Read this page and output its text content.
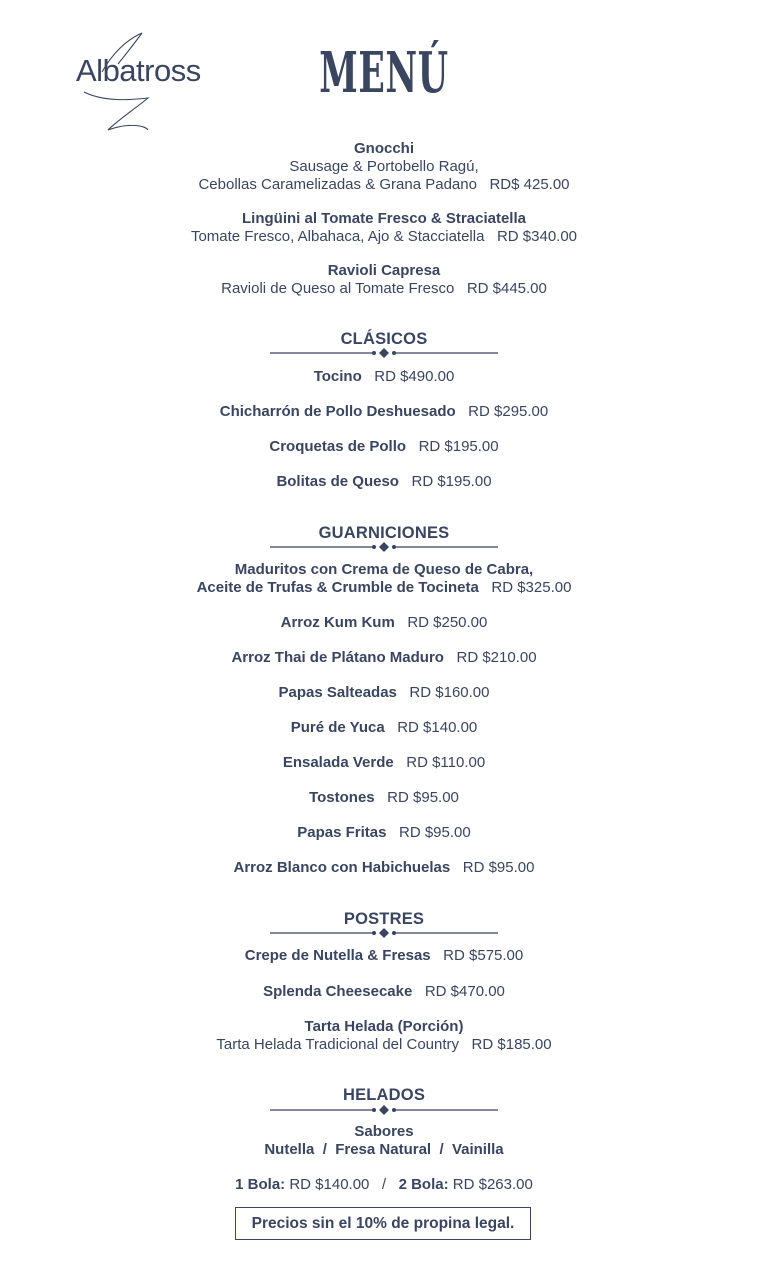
Albatross	MENÚ
Gnocchi
Sausage & Portobello Ragú,
Cebollas Caramelizadas & Grana Padano RD$ 425.00
Lingüini al Tomate Fresco & Straciatella
Tomate Fresco, Albahaca, Ajo & Stacciatella RD $340.00
Ravioli Capresa
Ravioli de Queso al Tomate Fresco RD $445.00
CLÁSICOS
Tocino RD $490.00
Chicharrón de Pollo Deshuesado RD $295.00
Croquetas de Pollo RD $195.00
Bolitas de Queso RD $195.00
GUARNICIONES
Maduritos con Crema de Queso de Cabra,
Aceite de Trufas & Crumble de Tocineta RD $325.00
Arroz Kum Kum RD $250.00
Arroz Thai de Plátano Maduro RD $210.00
Papas Salteadas RD $160.00
Puré de Yuca RD $140.00
Ensalada Verde RD $110.00
Tostones RD $95.00
Papas Fritas RD $95.00
Arroz Blanco con Habichuelas RD $95.00
POSTRES
Crepe de Nutella & Fresas RD $575.00
Splenda Cheesecake RD $470.00
Tarta Helada (Porción)
Tarta Helada Tradicional del Country RD $185.00
HELADOS
Sabores
Nutella / Fresa Natural / Vainilla
1 Bola: RD $140.00 / 2 Bola: RD $263.00
Precios sin el 10% de propina legal.
